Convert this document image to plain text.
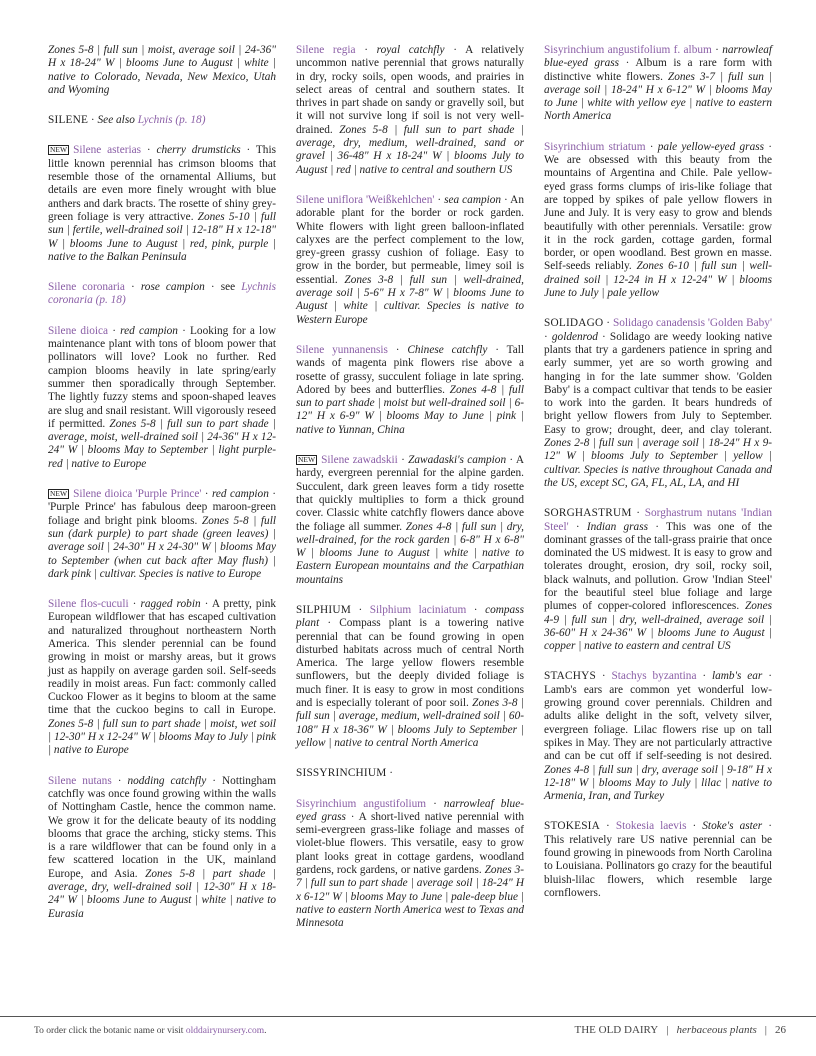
Zones 5-8 | full sun | moist, average soil | 24-36" H x 18-24" W | blooms June to August | white | native to Colorado, Nevada, New Mexico, Utah and Wyoming

SILENE · See also Lychnis (p. 18)

NEW Silene asterias · cherry drumsticks · This little known perennial has crimson blooms that resemble those of the ornamental Alliums, but details are even more finely wrought with blue anthers and dark bracts. The rosette of shiny grey-green foliage is very attractive. Zones 5-10 | full sun | fertile, well-drained soil | 12-18" H x 12-18" W | blooms June to August | red, pink, purple | native to the Balkan Peninsula

Silene coronaria · rose campion · see Lychnis coronaria (p. 18)

Silene dioica · red campion · Looking for a low maintenance plant with tons of bloom power that pollinators will love? Look no further. Red campion blooms heavily in late spring/early summer then sporadically through September. The lightly fuzzy stems and spoon-shaped leaves are slug and snail resistant. Will vigorously reseed if permitted. Zones 5-8 | full sun to part shade | average, moist, well-drained soil | 24-36" H x 12-24" W | blooms May to September | light purple-red | native to Europe

NEW Silene dioica 'Purple Prince' · red campion · 'Purple Prince' has fabulous deep maroon-green foliage and bright pink blooms. Zones 5-8 | full sun (dark purple) to part shade (green leaves) | average soil | 24-30" H x 24-30" W | blooms May to September (when cut back after May flush) | dark pink | cultivar. Species is native to Europe

Silene flos-cuculi · ragged robin · A pretty, pink European wildflower that has escaped cultivation and naturalized throughout northeastern North America. This slender perennial can be found growing in moist or marshy areas, but it grows just as happily on average garden soil. Self-seeds readily in moist areas. Fun fact: commonly called Cuckoo Flower as it begins to bloom at the same time that the cuckoo begins to call in Europe. Zones 5-8 | full sun to part shade | moist, wet soil | 12-30" H x 12-24" W | blooms May to July | pink | native to Europe

Silene nutans · nodding catchfly · Nottingham catchfly was once found growing within the walls of Nottingham Castle, hence the common name. We grow it for the delicate beauty of its nodding blooms that grace the arching, sticky stems. This is a rare wildflower that can be found only in a few scattered location in the UK, mainland Europe, and Asia. Zones 5-8 | part shade | average, dry, well-drained soil | 12-30" H x 18-24" W | blooms June to August | white | native to Eurasia

Silene regia · royal catchfly · A relatively uncommon native perennial that grows naturally in dry, rocky soils, open woods, and prairies in select areas of central and southern states. It thrives in part shade on sandy or gravelly soil, but it will not survive long if soil is not very well-drained. Zones 5-8 | full sun to part shade | average, dry, medium, well-drained, sand or gravel | 36-48" H x 18-24" W | blooms July to August | red | native to central and southern US

Silene uniflora 'Weißkehlchen' · sea campion · An adorable plant for the border or rock garden. White flowers with light green balloon-inflated calyxes are the perfect complement to the low, grey-green grassy cushion of foliage. Easy to grow in the border, but permeable, limey soil is essential. Zones 3-8 | full sun | well-drained, average soil | 5-6" H x 7-8" W | blooms June to August | white | cultivar. Species is native to Western Europe

Silene yunnanensis · Chinese catchfly · Tall wands of magenta pink flowers rise above a rosette of grassy, succulent foliage in late spring. Adored by bees and butterflies. Zones 4-8 | full sun to part shade | moist but well-drained soil | 6-12" H x 6-9" W | blooms May to June | pink | native to Yunnan, China

NEW Silene zawadskii · Zawadaski's campion · A hardy, evergreen perennial for the alpine garden. Succulent, dark green leaves form a tidy rosette that quickly multiplies to form a thick ground cover. Classic white catchfly flowers dance above the foliage all summer. Zones 4-8 | full sun | dry, well-drained, for the rock garden | 6-8" H x 6-8" W | blooms June to August | white | native to Eastern European mountains and the Carpathian mountains

SILPHIUM · Silphium laciniatum · compass plant · Compass plant is a towering native perennial that can be found growing in open disturbed habitats across much of central North America. The large yellow flowers resemble sunflowers, but the deeply divided foliage is much finer. It is easy to grow in most conditions and is especially tolerant of poor soil. Zones 3-8 | full sun | average, medium, well-drained soil | 60-108" H x 18-36" W | blooms July to September | yellow | native to central North America

SISSYRINCHIUM ·

Sisyrinchium angustifolium · narrowleaf blue-eyed grass · A short-lived native perennial with semi-evergreen grass-like foliage and masses of violet-blue flowers. This versatile, easy to grow plant looks great in cottage gardens, woodland gardens, rock gardens, or native gardens. Zones 3-7 | full sun to part shade | average soil | 18-24" H x 6-12" W | blooms May to June | pale-deep blue | native to eastern North America west to Texas and Minnesota

Sisyrinchium angustifolium f. album · narrowleaf blue-eyed grass · Album is a rare form with distinctive white flowers. Zones 3-7 | full sun | average soil | 18-24" H x 6-12" W | blooms May to June | white with yellow eye | native to eastern North America

Sisyrinchium striatum · pale yellow-eyed grass · We are obsessed with this beauty from the mountains of Argentina and Chile. Pale yellow-eyed grass forms clumps of iris-like foliage that are topped by spikes of pale yellow flowers in June and July. It is very easy to grow and blends beautifully with other perennials. Versatile: grow it in the rock garden, cottage garden, formal border, or open woodland. Best grown en masse. Self-seeds reliably. Zones 6-10 | full sun | well-drained soil | 12-24 in H x 12-24" W | blooms June to July | pale yellow

SOLIDAGO · Solidago canadensis 'Golden Baby' · goldenrod · Solidago are weedy looking native plants that try a gardeners patience in spring and early summer, yet are so worth growing and hanging in for the late summer show. 'Golden Baby' is a compact cultivar that tends to be easier to work into the garden. It bears hundreds of bright yellow flowers from July to September. Easy to grow; drought, deer, and clay tolerant. Zones 2-8 | full sun | average soil | 18-24" H x 9-12" W | blooms July to September | yellow | cultivar. Species is native throughout Canada and the US, except SC, GA, FL, AL, LA, and HI

SORGHASTRUM · Sorghastrum nutans 'Indian Steel' · Indian grass · This was one of the dominant grasses of the tall-grass prairie that once dominated the US midwest. It is easy to grow and tolerates drought, erosion, dry soil, rocky soil, black walnuts, and pollution. Grow 'Indian Steel' for the beautiful steel blue foliage and large plumes of copper-colored inflorescences. Zones 4-9 | full sun | dry, well-drained, average soil | 36-60" H x 24-36" W | blooms June to August | copper | native to eastern and central US

STACHYS · Stachys byzantina · lamb's ear · Lamb's ears are common yet wonderful low-growing ground cover perennials. Children and adults alike delight in the soft, velvety silver, evergreen foliage. Lilac flowers rise up on tall spikes in May. They are not particularly attractive and can be cut off if self-seeding is not desired. Zones 4-8 | full sun | dry, average soil | 9-18" H x 12-18" W | blooms May to July | lilac | native to Armenia, Iran, and Turkey

STOKESIA · Stokesia laevis · Stoke's aster · This relatively rare US native perennial can be found growing in pinewoods from North Carolina to Louisiana. Pollinators go crazy for the beautiful bluish-lilac flowers, which resemble large cornflowers.

To order click the botanic name or visit olddairynursery.com.	THE OLD DAIRY | herbaceous plants | 26
